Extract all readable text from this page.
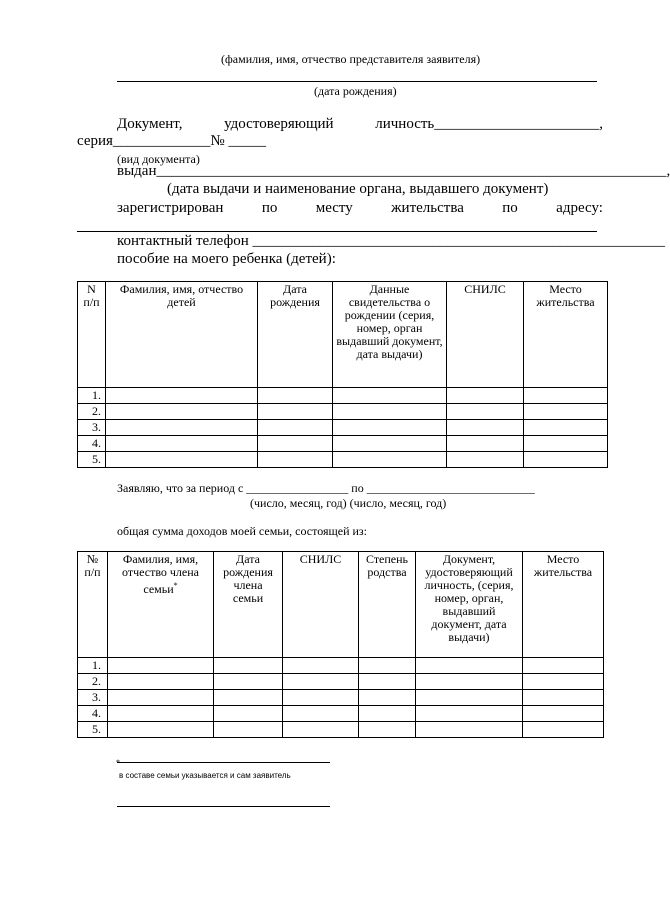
(фамилия, имя, отчество представителя заявителя)
(дата рождения)
Документ,	удостоверяющий	личность______________________,
серия_____________№ _____
(вид документа)
выдан____________________________________________________________________,
(дата выдачи и наименование органа, выдавшего документ)
зарегистрирован	по	месту	жительства	по	адресу:
контактный телефон _______________________________________________________
пособие на моего ребенка (детей):
N п/п	Фамилия, имя, отчество детей	Дата рождения	Данные свидетельства о рождении (серия, номер, орган выдавший документ, дата выдачи)	СНИЛС	Место жительства
1.					
2.					
3.					
4.					
5.					
Заявляю, что за период с _________________ по ____________________________
(число, месяц, год) (число, месяц, год)
общая сумма доходов моей семьи, состоящей из:
№ п/п	Фамилия, имя, отчество члена семьи*	Дата рождения члена семьи	СНИЛС	Степень родства	Документ, удостоверяющий личность, (серия, номер, орган, выдавший документ, дата выдачи)	Место жительства
1.						
2.						
3.						
4.						
5.						
*
в составе семьи указывается и сам заявитель
